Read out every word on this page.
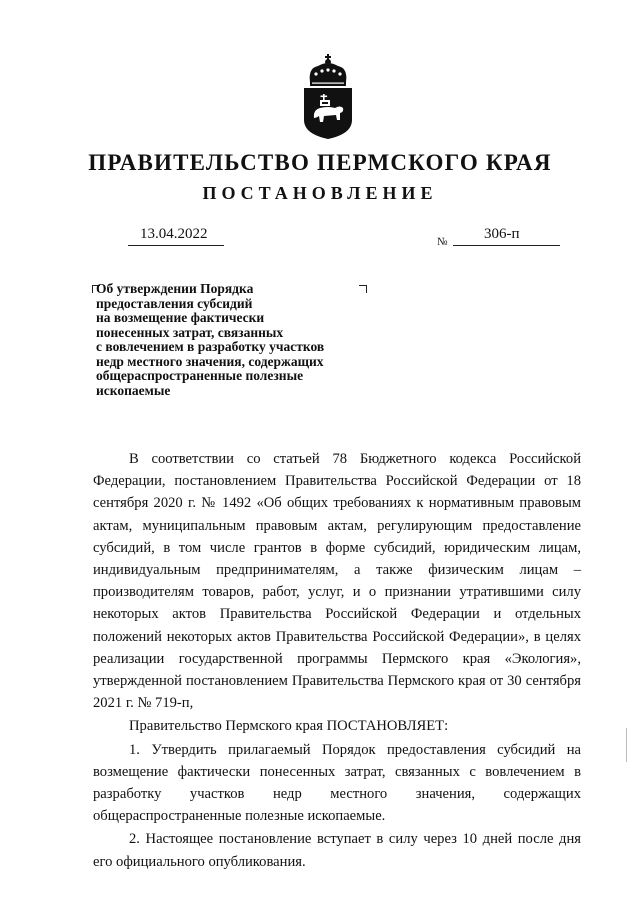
ПРАВИТЕЛЬСТВО ПЕРМСКОГО КРАЯ
ПОСТАНОВЛЕНИЕ
13.04.2022	№ 306-п
Об утверждении Порядка
предоставления субсидий
на возмещение фактически
понесенных затрат, связанных
с вовлечением в разработку участков
недр местного значения, содержащих
общераспространенные полезные
ископаемые

В соответствии со статьей 78 Бюджетного кодекса Российской Федерации, постановлением Правительства Российской Федерации от 18 сентября 2020 г. № 1492 «Об общих требованиях к нормативным правовым актам, муниципальным правовым актам, регулирующим предоставление субсидий, в том числе грантов в форме субсидий, юридическим лицам, индивидуальным предпринимателям, а также физическим лицам – производителям товаров, работ, услуг, и о признании утратившими силу некоторых актов Правительства Российской Федерации и отдельных положений некоторых актов Правительства Российской Федерации», в целях реализации государственной программы Пермского края «Экология», утвержденной постановлением Правительства Пермского края от 30 сентября 2021 г. № 719-п,

Правительство Пермского края ПОСТАНОВЛЯЕТ:

1. Утвердить прилагаемый Порядок предоставления субсидий на возмещение фактически понесенных затрат, связанных с вовлечением в разработку участков недр местного значения, содержащих общераспространенные полезные ископаемые.

2. Настоящее постановление вступает в силу через 10 дней после дня его официального опубликования.
